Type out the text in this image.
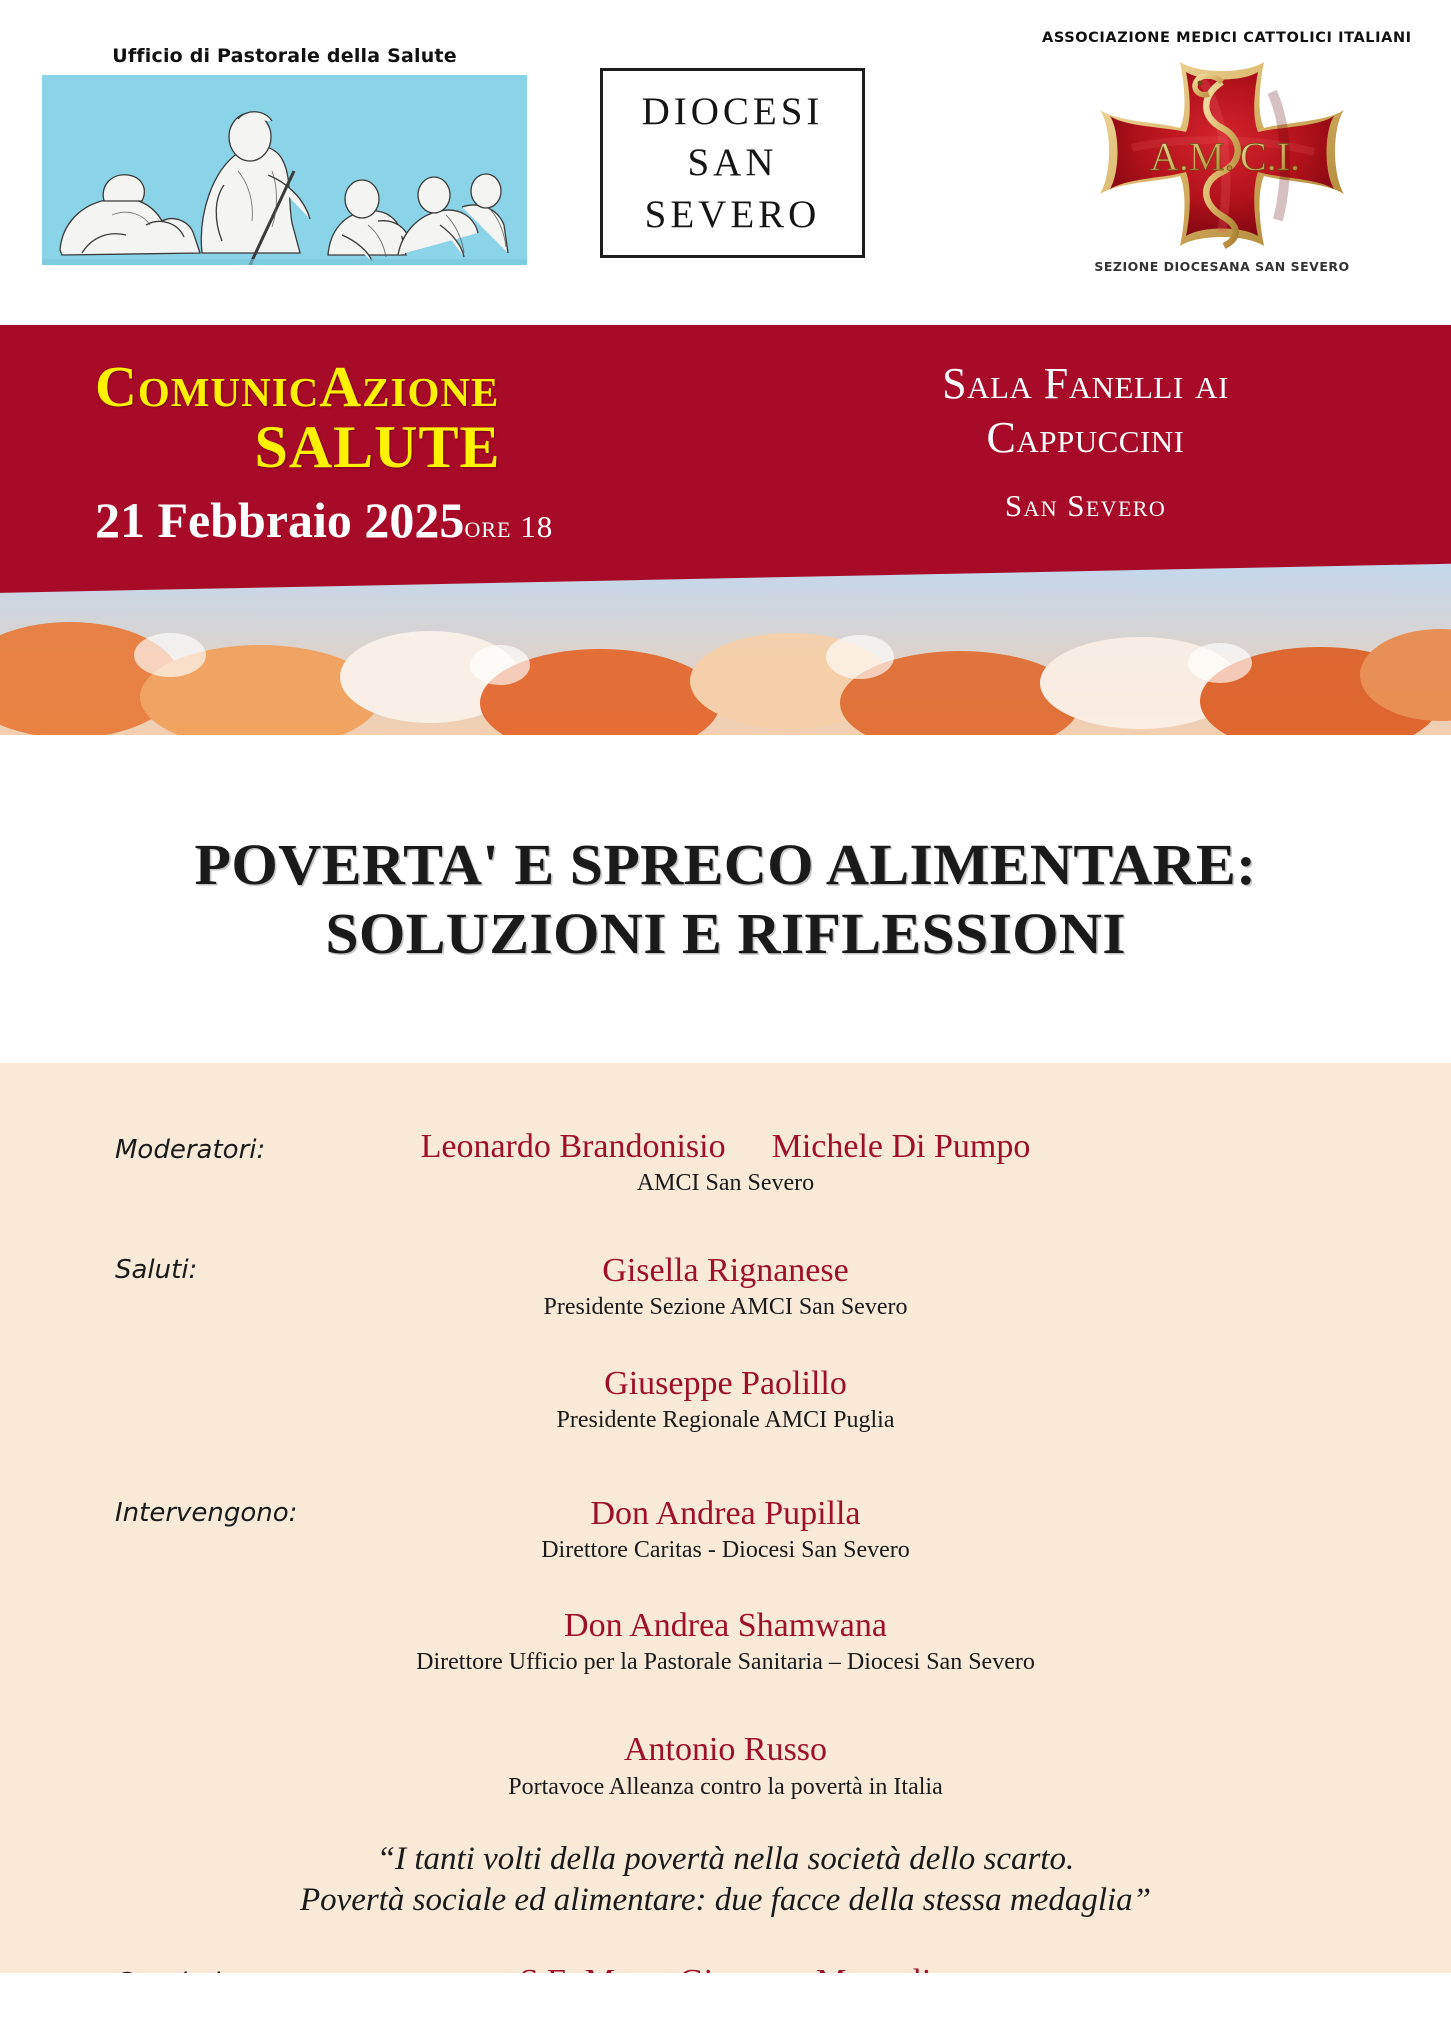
Ufficio di Pastorale della Salute
DIOCESI
SAN
SEVERO
ASSOCIAZIONE MEDICI CATTOLICI ITALIANI
A.M. C.I.
SEZIONE DIOCESANA SAN SEVERO
ComunicAzione
SALUTE
21 Febbraio 2025ore 18
Sala Fanelli ai
Cappuccini
San Severo
POVERTA' E SPRECO ALIMENTARE:
SOLUZIONI E RIFLESSIONI
Moderatori:	Leonardo Brandonisio Michele Di Pumpo
AMCI San Severo
Saluti:	Gisella Rignanese
Presidente Sezione AMCI San Severo
Giuseppe Paolillo
Presidente Regionale AMCI Puglia
Intervengono:	Don Andrea Pupilla
Direttore Caritas - Diocesi San Severo
Don Andrea Shamwana
Direttore Ufficio per la Pastorale Sanitaria – Diocesi San Severo
Antonio Russo
Portavoce Alleanza contro la povertà in Italia
“I tanti volti della povertà nella società dello scarto.
Povertà sociale ed alimentare: due facce della stessa medaglia”
